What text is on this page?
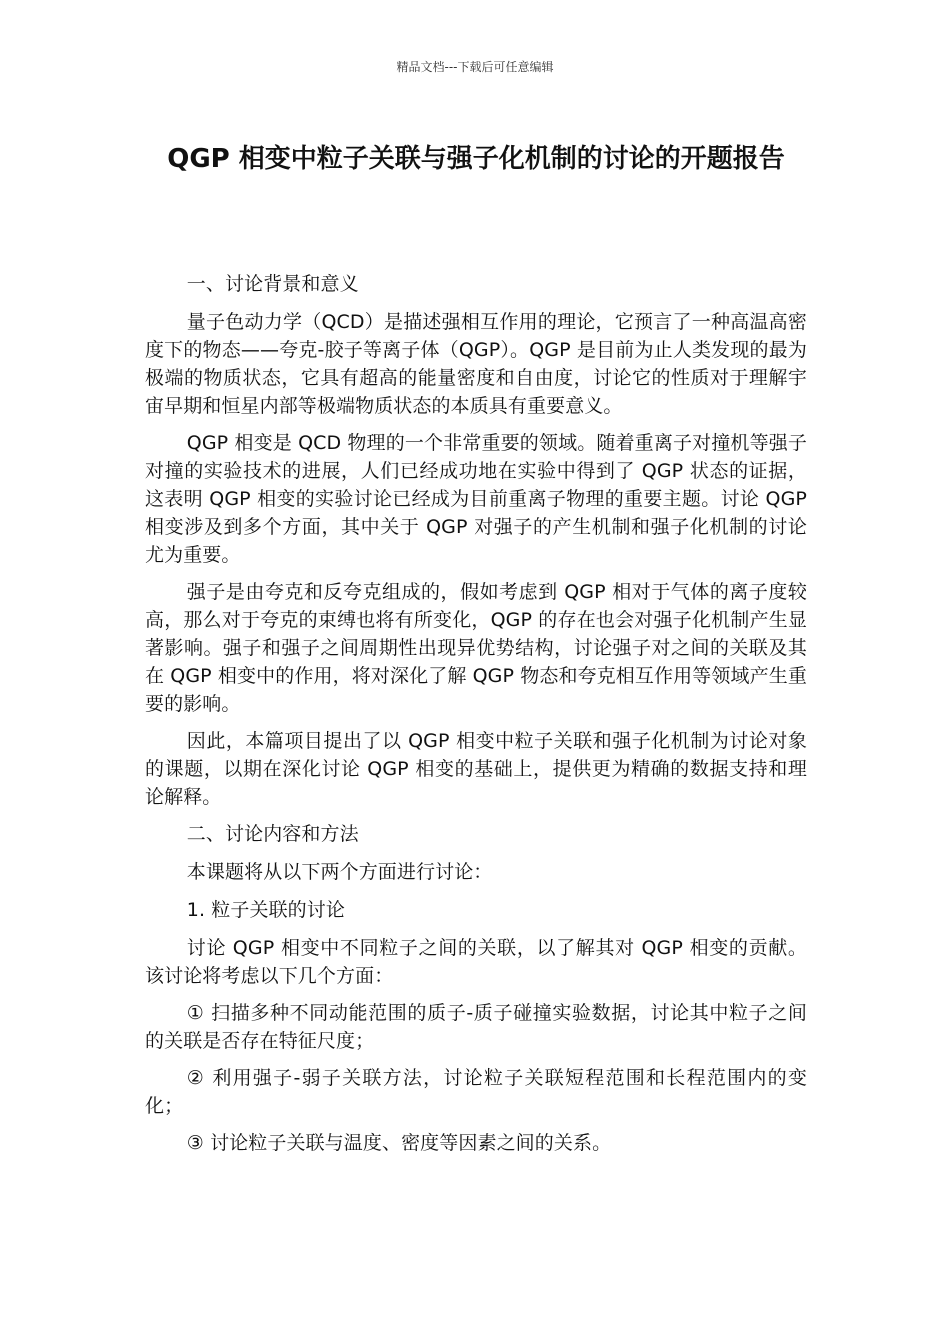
精品文档---下载后可任意编辑
QGP 相变中粒子关联与强子化机制的讨论的开题报告

一、讨论背景和意义

量子色动力学（QCD）是描述强相互作用的理论，它预言了一种高温高密度下的物态——夸克-胶子等离子体（QGP）。QGP 是目前为止人类发现的最为极端的物质状态，它具有超高的能量密度和自由度，讨论它的性质对于理解宇宙早期和恒星内部等极端物质状态的本质具有重要意义。

QGP 相变是 QCD 物理的一个非常重要的领域。随着重离子对撞机等强子对撞的实验技术的进展，人们已经成功地在实验中得到了 QGP 状态的证据，这表明 QGP 相变的实验讨论已经成为目前重离子物理的重要主题。讨论 QGP 相变涉及到多个方面，其中关于 QGP 对强子的产生机制和强子化机制的讨论尤为重要。

强子是由夸克和反夸克组成的，假如考虑到 QGP 相对于气体的离子度较高，那么对于夸克的束缚也将有所变化，QGP 的存在也会对强子化机制产生显著影响。强子和强子之间周期性出现异优势结构，讨论强子对之间的关联及其在 QGP 相变中的作用，将对深化了解 QGP 物态和夸克相互作用等领域产生重要的影响。

因此，本篇项目提出了以 QGP 相变中粒子关联和强子化机制为讨论对象的课题，以期在深化讨论 QGP 相变的基础上，提供更为精确的数据支持和理论解释。

二、讨论内容和方法

本课题将从以下两个方面进行讨论：

1. 粒子关联的讨论

讨论 QGP 相变中不同粒子之间的关联，以了解其对 QGP 相变的贡献。该讨论将考虑以下几个方面：

① 扫描多种不同动能范围的质子-质子碰撞实验数据，讨论其中粒子之间的关联是否存在特征尺度；

② 利用强子-弱子关联方法，讨论粒子关联短程范围和长程范围内的变化；

③ 讨论粒子关联与温度、密度等因素之间的关系。
